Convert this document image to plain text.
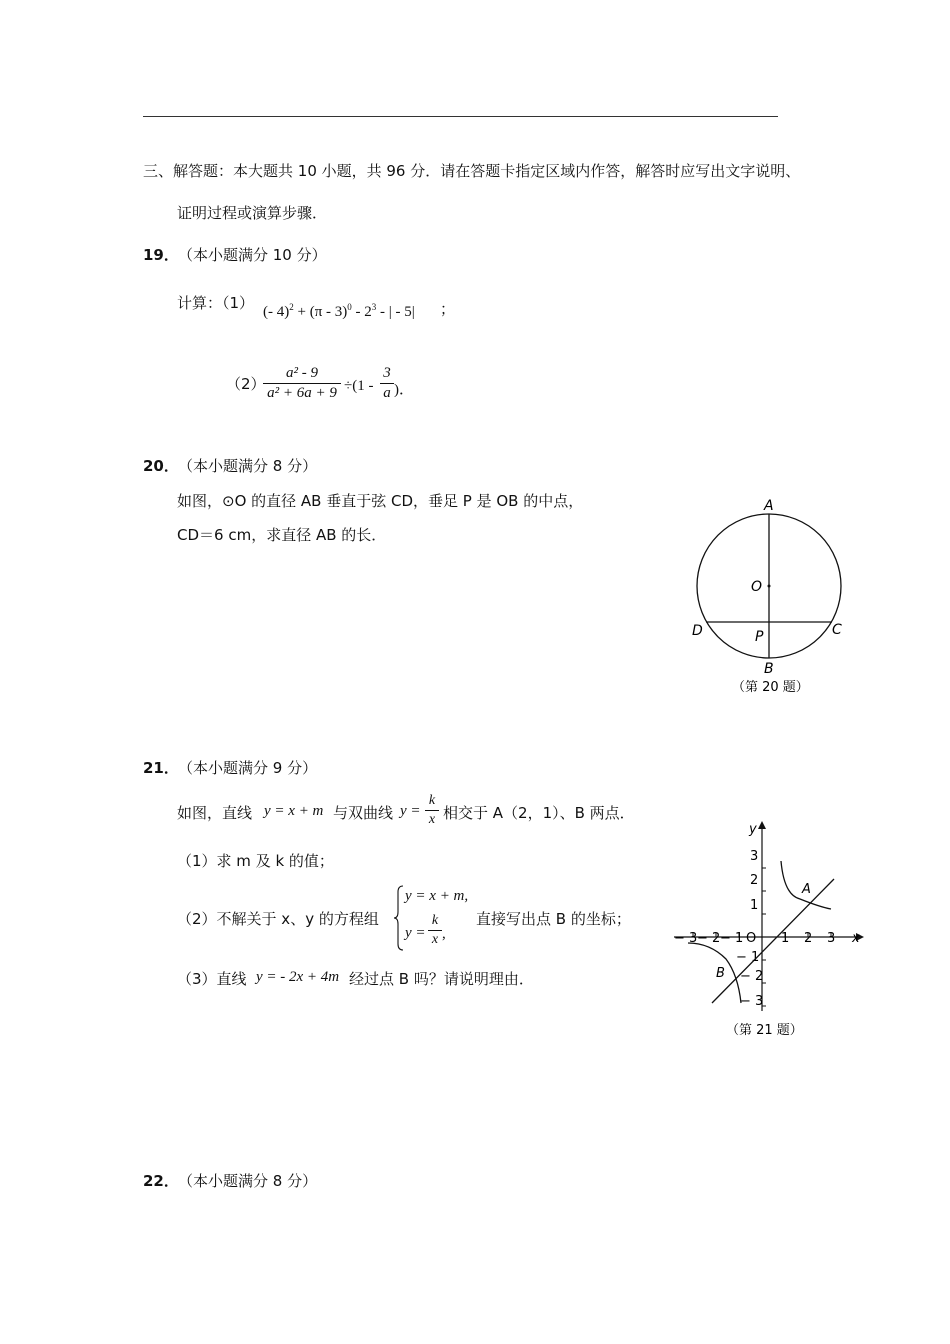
三、解答题：本大题共 10 小题，共 96 分．请在答题卡指定区域内作答，解答时应写出文字说明、
证明过程或演算步骤．
19． （本小题满分 10 分）
计算：（1） (- $4)^2 + (\pi - 3)^0 - 2^3$ - | - 5| ；
（2）
a² - 9
a² + 6a + 9 ÷(1 -
3
a )．
20． （本小题满分 8 分）
如图，⊙O 的直径 AB 垂直于弦 CD，垂足 P 是 OB 的中点，
CD＝6 cm，求直径 AB 的长．
A
B
C
D
O
P
（第 20 题）
21． （本小题满分 9 分）
如图，直线 y = x + m 与双曲线 y =
k
x 相交于 A（2，1）、B 两点．
（1）求 m 及 k 的值；
（2）不解关于 x、y 的方程组
y = x + m,
y =
k
x ,
直接写出点 B 的坐标；
（3）直线 y = - 2x + 4m 经过点 B 吗？请说明理由．
− 3 − 2 − 1 O 1 2 3 x
3
2
1
− 1
− 2
− 3
y
A
B
（第 21 题）
22． （本小题满分 8 分）
